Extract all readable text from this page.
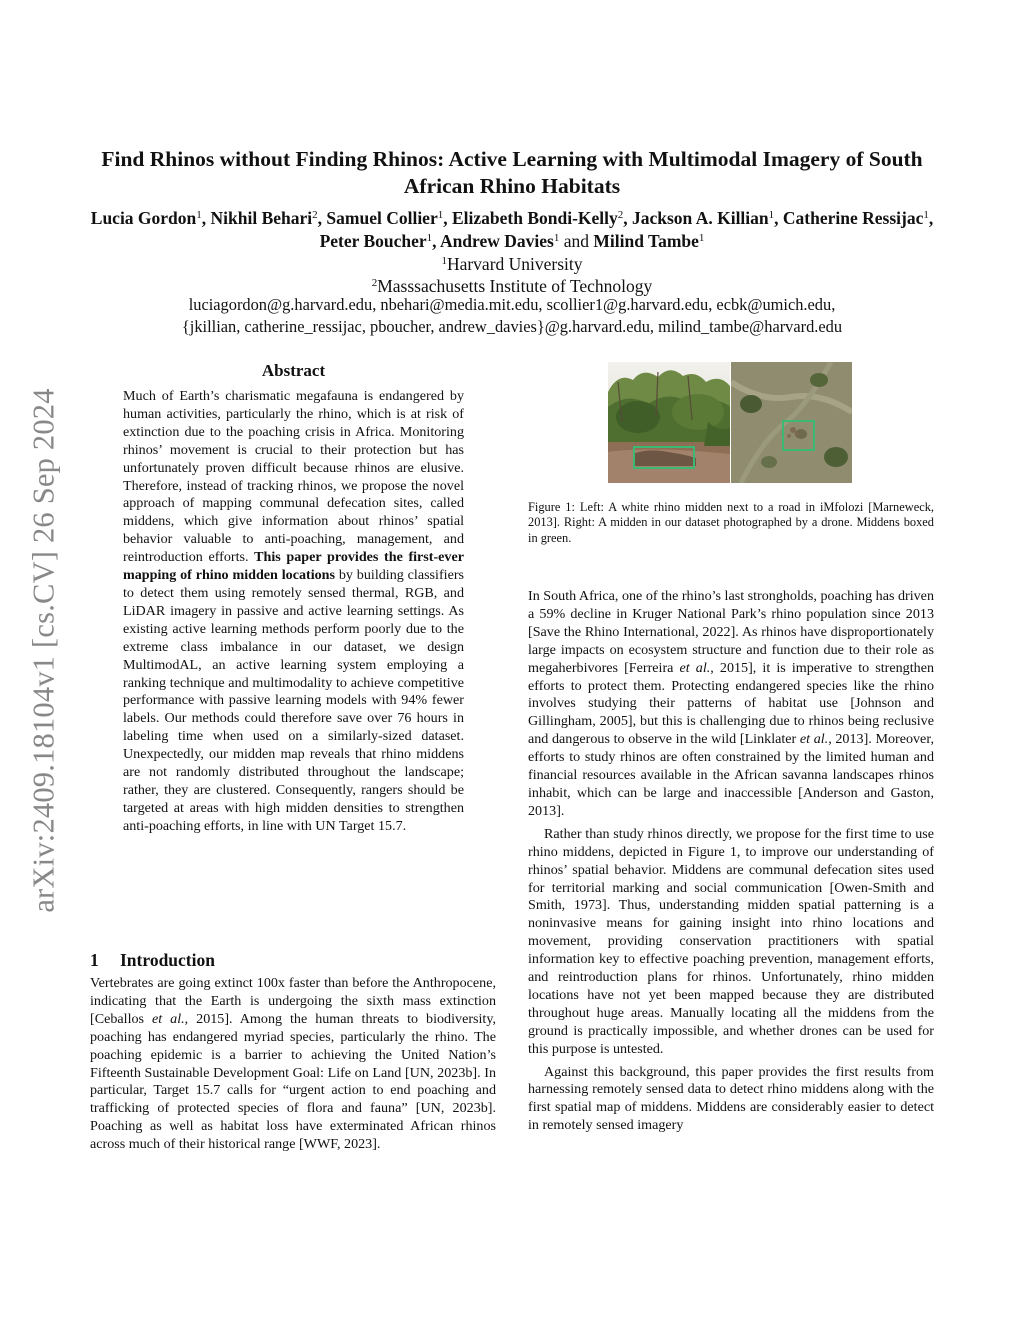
arXiv:2409.18104v1 [cs.CV] 26 Sep 2024
Find Rhinos without Finding Rhinos: Active Learning with Multimodal Imagery of South African Rhino Habitats
Lucia Gordon$^1$, Nikhil Behari$^2$, Samuel Collier$^1$, Elizabeth Bondi-Kelly$^2$, Jackson A. Killian$^1$, Catherine Ressijac$^1$, Peter Boucher$^1$, Andrew Davies$^1$ and Milind Tambe$^1$
$^1$Harvard University
$^2$Masssachusetts Institute of Technology
luciagordon@g.harvard.edu, nbehari@media.mit.edu, scollier1@g.harvard.edu, ecbk@umich.edu,
{jkillian, catherine_ressijac, pboucher, andrew_davies}@g.harvard.edu, milind_tambe@harvard.edu
Abstract

Much of Earth’s charismatic megafauna is endangered by human activities, particularly the rhino, which is at risk of extinction due to the poaching crisis in Africa. Monitoring rhinos’ movement is crucial to their protection but has unfortunately proven difficult because rhinos are elusive. Therefore, instead of tracking rhinos, we propose the novel approach of mapping communal defecation sites, called middens, which give information about rhinos’ spatial behavior valuable to anti-poaching, management, and reintroduction efforts. This paper provides the first-ever mapping of rhino midden locations by building classifiers to detect them using remotely sensed thermal, RGB, and LiDAR imagery in passive and active learning settings. As existing active learning methods perform poorly due to the extreme class imbalance in our dataset, we design MultimodAL, an active learning system employing a ranking technique and multimodality to achieve competitive performance with passive learning models with 94% fewer labels. Our methods could therefore save over 76 hours in labeling time when used on a similarly-sized dataset. Unexpectedly, our midden map reveals that rhino middens are not randomly distributed throughout the landscape; rather, they are clustered. Consequently, rangers should be targeted at areas with high midden densities to strengthen anti-poaching efforts, in line with UN Target 15.7.

1 Introduction

Vertebrates are going extinct 100x faster than before the Anthropocene, indicating that the Earth is undergoing the sixth mass extinction [Ceballos et al., 2015]. Among the human threats to biodiversity, poaching has endangered myriad species, particularly the rhino. The poaching epidemic is a barrier to achieving the United Nation’s Fifteenth Sustainable Development Goal: Life on Land [UN, 2023b]. In particular, Target 15.7 calls for “urgent action to end poaching and trafficking of protected species of flora and fauna” [UN, 2023b]. Poaching as well as habitat loss have exterminated African rhinos across much of their historical range [WWF, 2023].

Figure 1: Left: A white rhino midden next to a road in iMfolozi [Marneweck, 2013]. Right: A midden in our dataset photographed by a drone. Middens boxed in green.

In South Africa, one of the rhino’s last strongholds, poaching has driven a 59% decline in Kruger National Park’s rhino population since 2013 [Save the Rhino International, 2022]. As rhinos have disproportionately large impacts on ecosystem structure and function due to their role as megaherbivores [Ferreira et al., 2015], it is imperative to strengthen efforts to protect them. Protecting endangered species like the rhino involves studying their patterns of habitat use [Johnson and Gillingham, 2005], but this is challenging due to rhinos being reclusive and dangerous to observe in the wild [Linklater et al., 2013]. Moreover, efforts to study rhinos are often constrained by the limited human and financial resources available in the African savanna landscapes rhinos inhabit, which can be large and inaccessible [Anderson and Gaston, 2013].

Rather than study rhinos directly, we propose for the first time to use rhino middens, depicted in Figure 1, to improve our understanding of rhinos’ spatial behavior. Middens are communal defecation sites used for territorial marking and social communication [Owen-Smith and Smith, 1973]. Thus, understanding midden spatial patterning is a noninvasive means for gaining insight into rhino locations and movement, providing conservation practitioners with spatial information key to effective poaching prevention, management efforts, and reintroduction plans for rhinos. Unfortunately, rhino midden locations have not yet been mapped because they are distributed throughout huge areas. Manually locating all the middens from the ground is practically impossible, and whether drones can be used for this purpose is untested.

Against this background, this paper provides the first results from harnessing remotely sensed data to detect rhino middens along with the first spatial map of middens. Middens are considerably easier to detect in remotely sensed imagery
